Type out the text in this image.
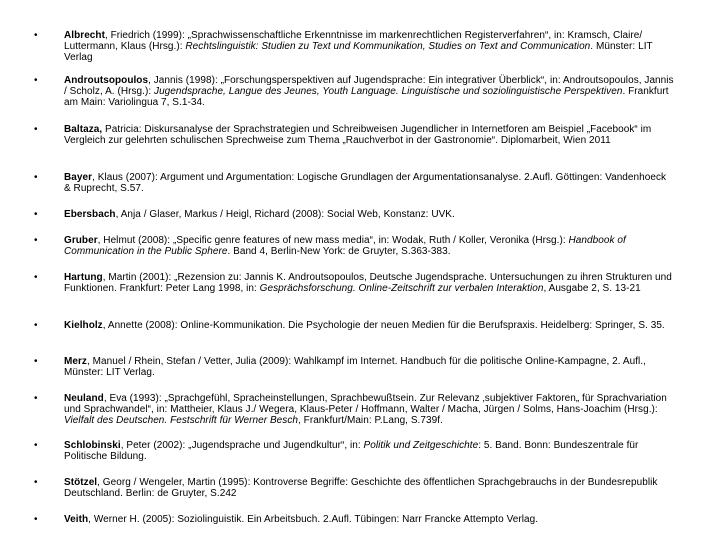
•	Albrecht, Friedrich (1999): „Sprachwissenschaftliche Erkenntnisse im markenrechtlichen Registerverfahren“, in: Kramsch, Claire/ Luttermann, Klaus (Hrsg.): Rechtslinguistik: Studien zu Text und Kommunikation, Studies on Text and Communication. Münster: LIT Verlag
•	Androutsopoulos, Jannis (1998): „Forschungsperspektiven auf Jugendsprache: Ein integrativer Überblick“, in: Androutsopoulos, Jannis / Scholz, A. (Hrsg.): Jugendsprache, Langue des Jeunes, Youth Language. Linguistische und soziolinguistische Perspektiven. Frankfurt am Main: Variolingua 7, S.1-34.
•	Baltaza, Patricia: Diskursanalyse der Sprachstrategien und Schreibweisen Jugendlicher in Internetforen am Beispiel „Facebook“ im Vergleich zur gelehrten schulischen Sprechweise zum Thema „Rauchverbot in der Gastronomie“. Diplomarbeit, Wien 2011
•	Bayer, Klaus (2007): Argument und Argumentation: Logische Grundlagen der Argumentationsanalyse. 2.Aufl. Göttingen: Vandenhoeck & Ruprecht, S.57.
•	Ebersbach, Anja / Glaser, Markus / Heigl, Richard (2008): Social Web, Konstanz: UVK.
•	Gruber, Helmut (2008): „Specific genre features of new mass media“, in: Wodak, Ruth / Koller, Veronika (Hrsg.): Handbook of Communication in the Public Sphere. Band 4, Berlin-New York: de Gruyter, S.363-383.
•	Hartung, Martin (2001): „Rezension zu: Jannis K. Androutsopoulos, Deutsche Jugendsprache. Untersuchungen zu ihren Strukturen und Funktionen. Frankfurt: Peter Lang 1998, in: Gesprächsforschung. Online-Zeitschrift zur verbalen Interaktion, Ausgabe 2, S. 13-21
•	Kielholz, Annette (2008): Online-Kommunikation. Die Psychologie der neuen Medien für die Berufspraxis. Heidelberg: Springer, S. 35.
•	Merz, Manuel / Rhein, Stefan / Vetter, Julia (2009): Wahlkampf im Internet. Handbuch für die politische Online-Kampagne, 2. Aufl., Münster: LIT Verlag.
•	Neuland, Eva (1993): „Sprachgefühl, Spracheinstellungen, Sprachbewußtsein. Zur Relevanz ‚subjektiver Faktoren„ für Sprachvariation und Sprachwandel“, in: Mattheier, Klaus J./ Wegera, Klaus-Peter / Hoffmann, Walter / Macha, Jürgen / Solms, Hans-Joachim (Hrsg.): Vielfalt des Deutschen. Festschrift für Werner Besch, Frankfurt/Main: P.Lang, S.739f.
•	Schlobinski, Peter (2002): „Jugendsprache und Jugendkultur“, in: Politik und Zeitgeschichte: 5. Band. Bonn: Bundeszentrale für Politische Bildung.
•	Stötzel, Georg / Wengeler, Martin (1995): Kontroverse Begriffe: Geschichte des öffentlichen Sprachgebrauchs in der Bundesrepublik Deutschland. Berlin: de Gruyter, S.242
•	Veith, Werner H. (2005): Soziolinguistik. Ein Arbeitsbuch. 2.Aufl. Tübingen: Narr Francke Attempto Verlag.
